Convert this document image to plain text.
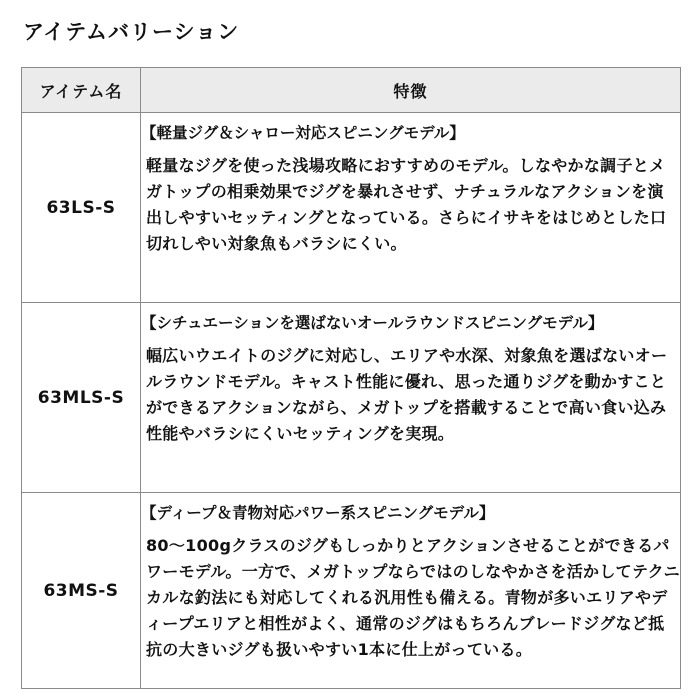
アイテムバリーション
アイテム名	特徴
63LS-S	【軽量ジグ＆シャロー対応スピニングモデル】
軽量なジグを使った浅場攻略におすすめのモデル。しなやかな調子とメガトップの相乗効果でジグを暴れさせず、ナチュラルなアクションを演出しやすいセッティングとなっている。さらにイサキをはじめとした口切れしやい対象魚もバラシにくい。

63MLS-S	【シチュエーションを選ばないオールラウンドスピニングモデル】
幅広いウエイトのジグに対応し、エリアや水深、対象魚を選ばないオールラウンドモデル。キャスト性能に優れ、思った通りジグを動かすことができるアクションながら、メガトップを搭載することで高い食い込み性能やバラシにくいセッティングを実現。

63MS-S	【ディープ＆青物対応パワー系スピニングモデル】
80～100gクラスのジグもしっかりとアクションさせることができるパワーモデル。一方で、メガトップならではのしなやかさを活かしてテクニカルな釣法にも対応してくれる汎用性も備える。青物が多いエリアやディープエリアと相性がよく、通常のジグはもちろんブレードジグなど抵抗の大きいジグも扱いやすい1本に仕上がっている。
